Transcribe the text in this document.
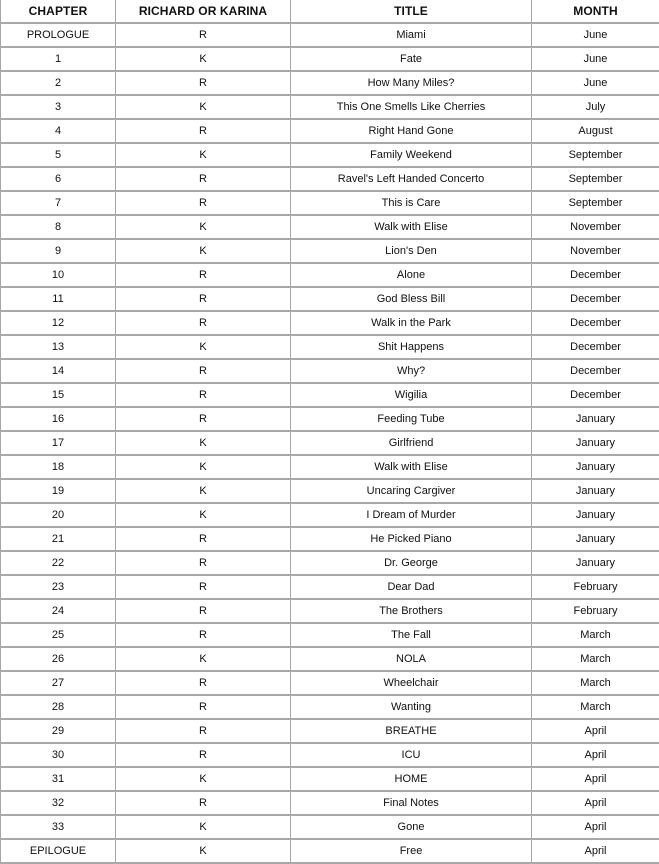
CHAPTER	RICHARD OR KARINA	TITLE	MONTH
PROLOGUE	R	Miami	June
1	K	Fate	June
2	R	How Many Miles?	June
3	K	This One Smells Like Cherries	July
4	R	Right Hand Gone	August
5	K	Family Weekend	September
6	R	Ravel's Left Handed Concerto	September
7	R	This is Care	September
8	K	Walk with Elise	November
9	K	Lion's Den	November
10	R	Alone	December
11	R	God Bless Bill	December
12	R	Walk in the Park	December
13	K	Shit Happens	December
14	R	Why?	December
15	R	Wigilia	December
16	R	Feeding Tube	January
17	K	Girlfriend	January
18	K	Walk with Elise	January
19	K	Uncaring Cargiver	January
20	K	I Dream of Murder	January
21	R	He Picked Piano	January
22	R	Dr. George	January
23	R	Dear Dad	February
24	R	The Brothers	February
25	R	The Fall	March
26	K	NOLA	March
27	R	Wheelchair	March
28	R	Wanting	March
29	R	BREATHE	April
30	R	ICU	April
31	K	HOME	April
32	R	Final Notes	April
33	K	Gone	April
EPILOGUE	K	Free	April
